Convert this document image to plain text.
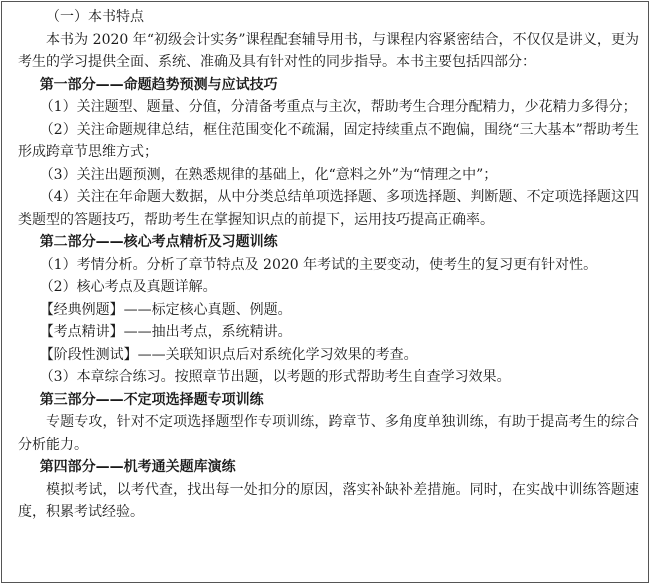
（一）本书特点

本书为 2020 年“初级会计实务”课程配套辅导用书，与课程内容紧密结合，不仅仅是讲义，更为考生的学习提供全面、系统、准确及具有针对性的同步指导。本书主要包括四部分：

第一部分——命题趋势预测与应试技巧

（1）关注题型、题量、分值，分清备考重点与主次，帮助考生合理分配精力，少花精力多得分；

（2）关注命题规律总结，框住范围变化不疏漏，固定持续重点不跑偏，围绕“三大基本”帮助考生形成跨章节思维方式；

（3）关注出题预测，在熟悉规律的基础上，化“意料之外”为“情理之中”；

（4）关注在年命题大数据，从中分类总结单项选择题、多项选择题、判断题、不定项选择题这四类题型的答题技巧，帮助考生在掌握知识点的前提下，运用技巧提高正确率。

第二部分——核心考点精析及习题训练

（1）考情分析。分析了章节特点及 2020 年考试的主要变动，使考生的复习更有针对性。

（2）核心考点及真题详解。

【经典例题】——标定核心真题、例题。

【考点精讲】——抽出考点，系统精讲。

【阶段性测试】——关联知识点后对系统化学习效果的考查。

（3）本章综合练习。按照章节出题，以考题的形式帮助考生自查学习效果。

第三部分——不定项选择题专项训练

专题专攻，针对不定项选择题型作专项训练，跨章节、多角度单独训练，有助于提高考生的综合分析能力。

第四部分——机考通关题库演练

模拟考试，以考代查，找出每一处扣分的原因，落实补缺补差措施。同时，在实战中训练答题速度，积累考试经验。
